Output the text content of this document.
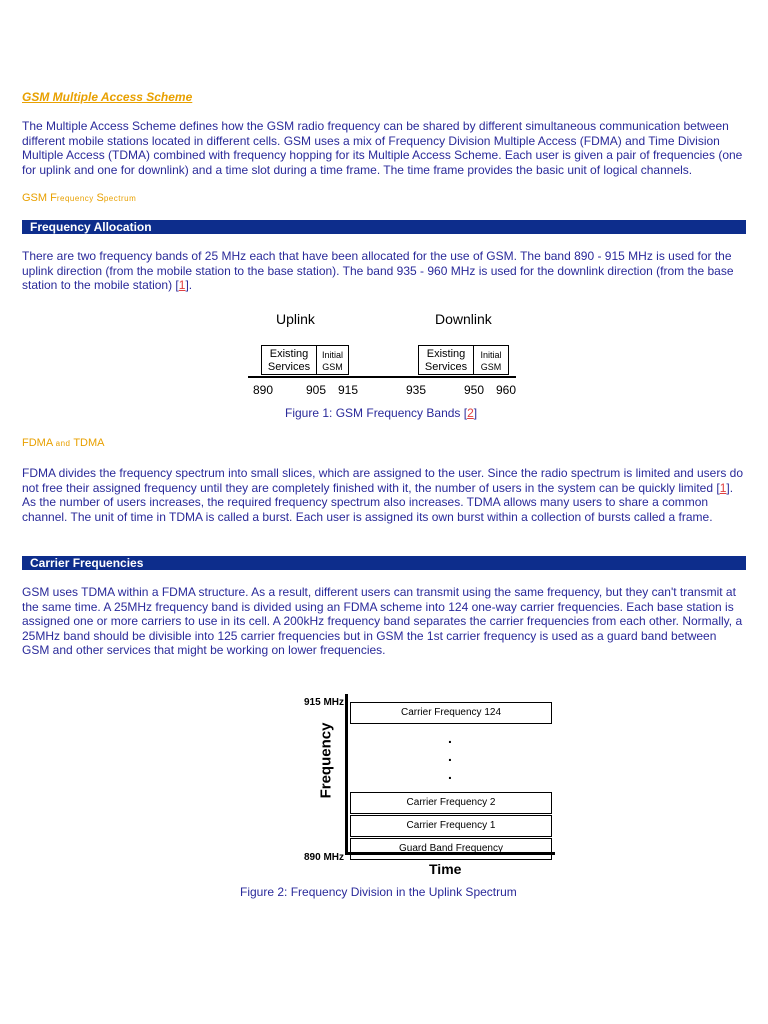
GSM Multiple Access Scheme

The Multiple Access Scheme defines how the GSM radio frequency can be shared by different simultaneous communication between different mobile stations located in different cells. GSM uses a mix of Frequency Division Multiple Access (FDMA) and Time Division Multiple Access (TDMA) combined with frequency hopping for its Multiple Access Scheme. Each user is given a pair of frequencies (one for uplink and one for downlink) and a time slot during a time frame. The time frame provides the basic unit of logical channels.

GSM Frequency Spectrum
Frequency Allocation

There are two frequency bands of 25 MHz each that have been allocated for the use of GSM. The band 890 - 915 MHz is used for the uplink direction (from the mobile station to the base station). The band 935 - 960 MHz is used for the downlink direction (from the base station to the mobile station) [1].

Uplink	Downlink
Existing
Services
Initial
GSM
Existing
Services
Initial
GSM
890	905 915	935	950 960
Figure 1: GSM Frequency Bands [2]
FDMA and TDMA

FDMA divides the frequency spectrum into small slices, which are assigned to the user. Since the radio spectrum is limited and users do not free their assigned frequency until they are completely finished with it, the number of users in the system can be quickly limited [1]. As the number of users increases, the required frequency spectrum also increases. TDMA allows many users to share a common channel. The unit of time in TDMA is called a burst. Each user is assigned its own burst within a collection of bursts called a frame.

Carrier Frequencies

GSM uses TDMA within a FDMA structure. As a result, different users can transmit using the same frequency, but they can't transmit at the same time. A 25MHz frequency band is divided using an FDMA scheme into 124 one-way carrier frequencies. Each base station is assigned one or more carriers to use in its cell. A 200kHz frequency band separates the carrier frequencies from each other. Normally, a 25MHz band should be divisible into 125 carrier frequencies but in GSM the 1st carrier frequency is used as a guard band between GSM and other services that might be working on lower frequencies.

915 MHz
890 MHz
Frequency
Carrier Frequency 124
.
.
.
Carrier Frequency 2
Carrier Frequency 1
Guard Band Frequency
Time
Figure 2: Frequency Division in the Uplink Spectrum
